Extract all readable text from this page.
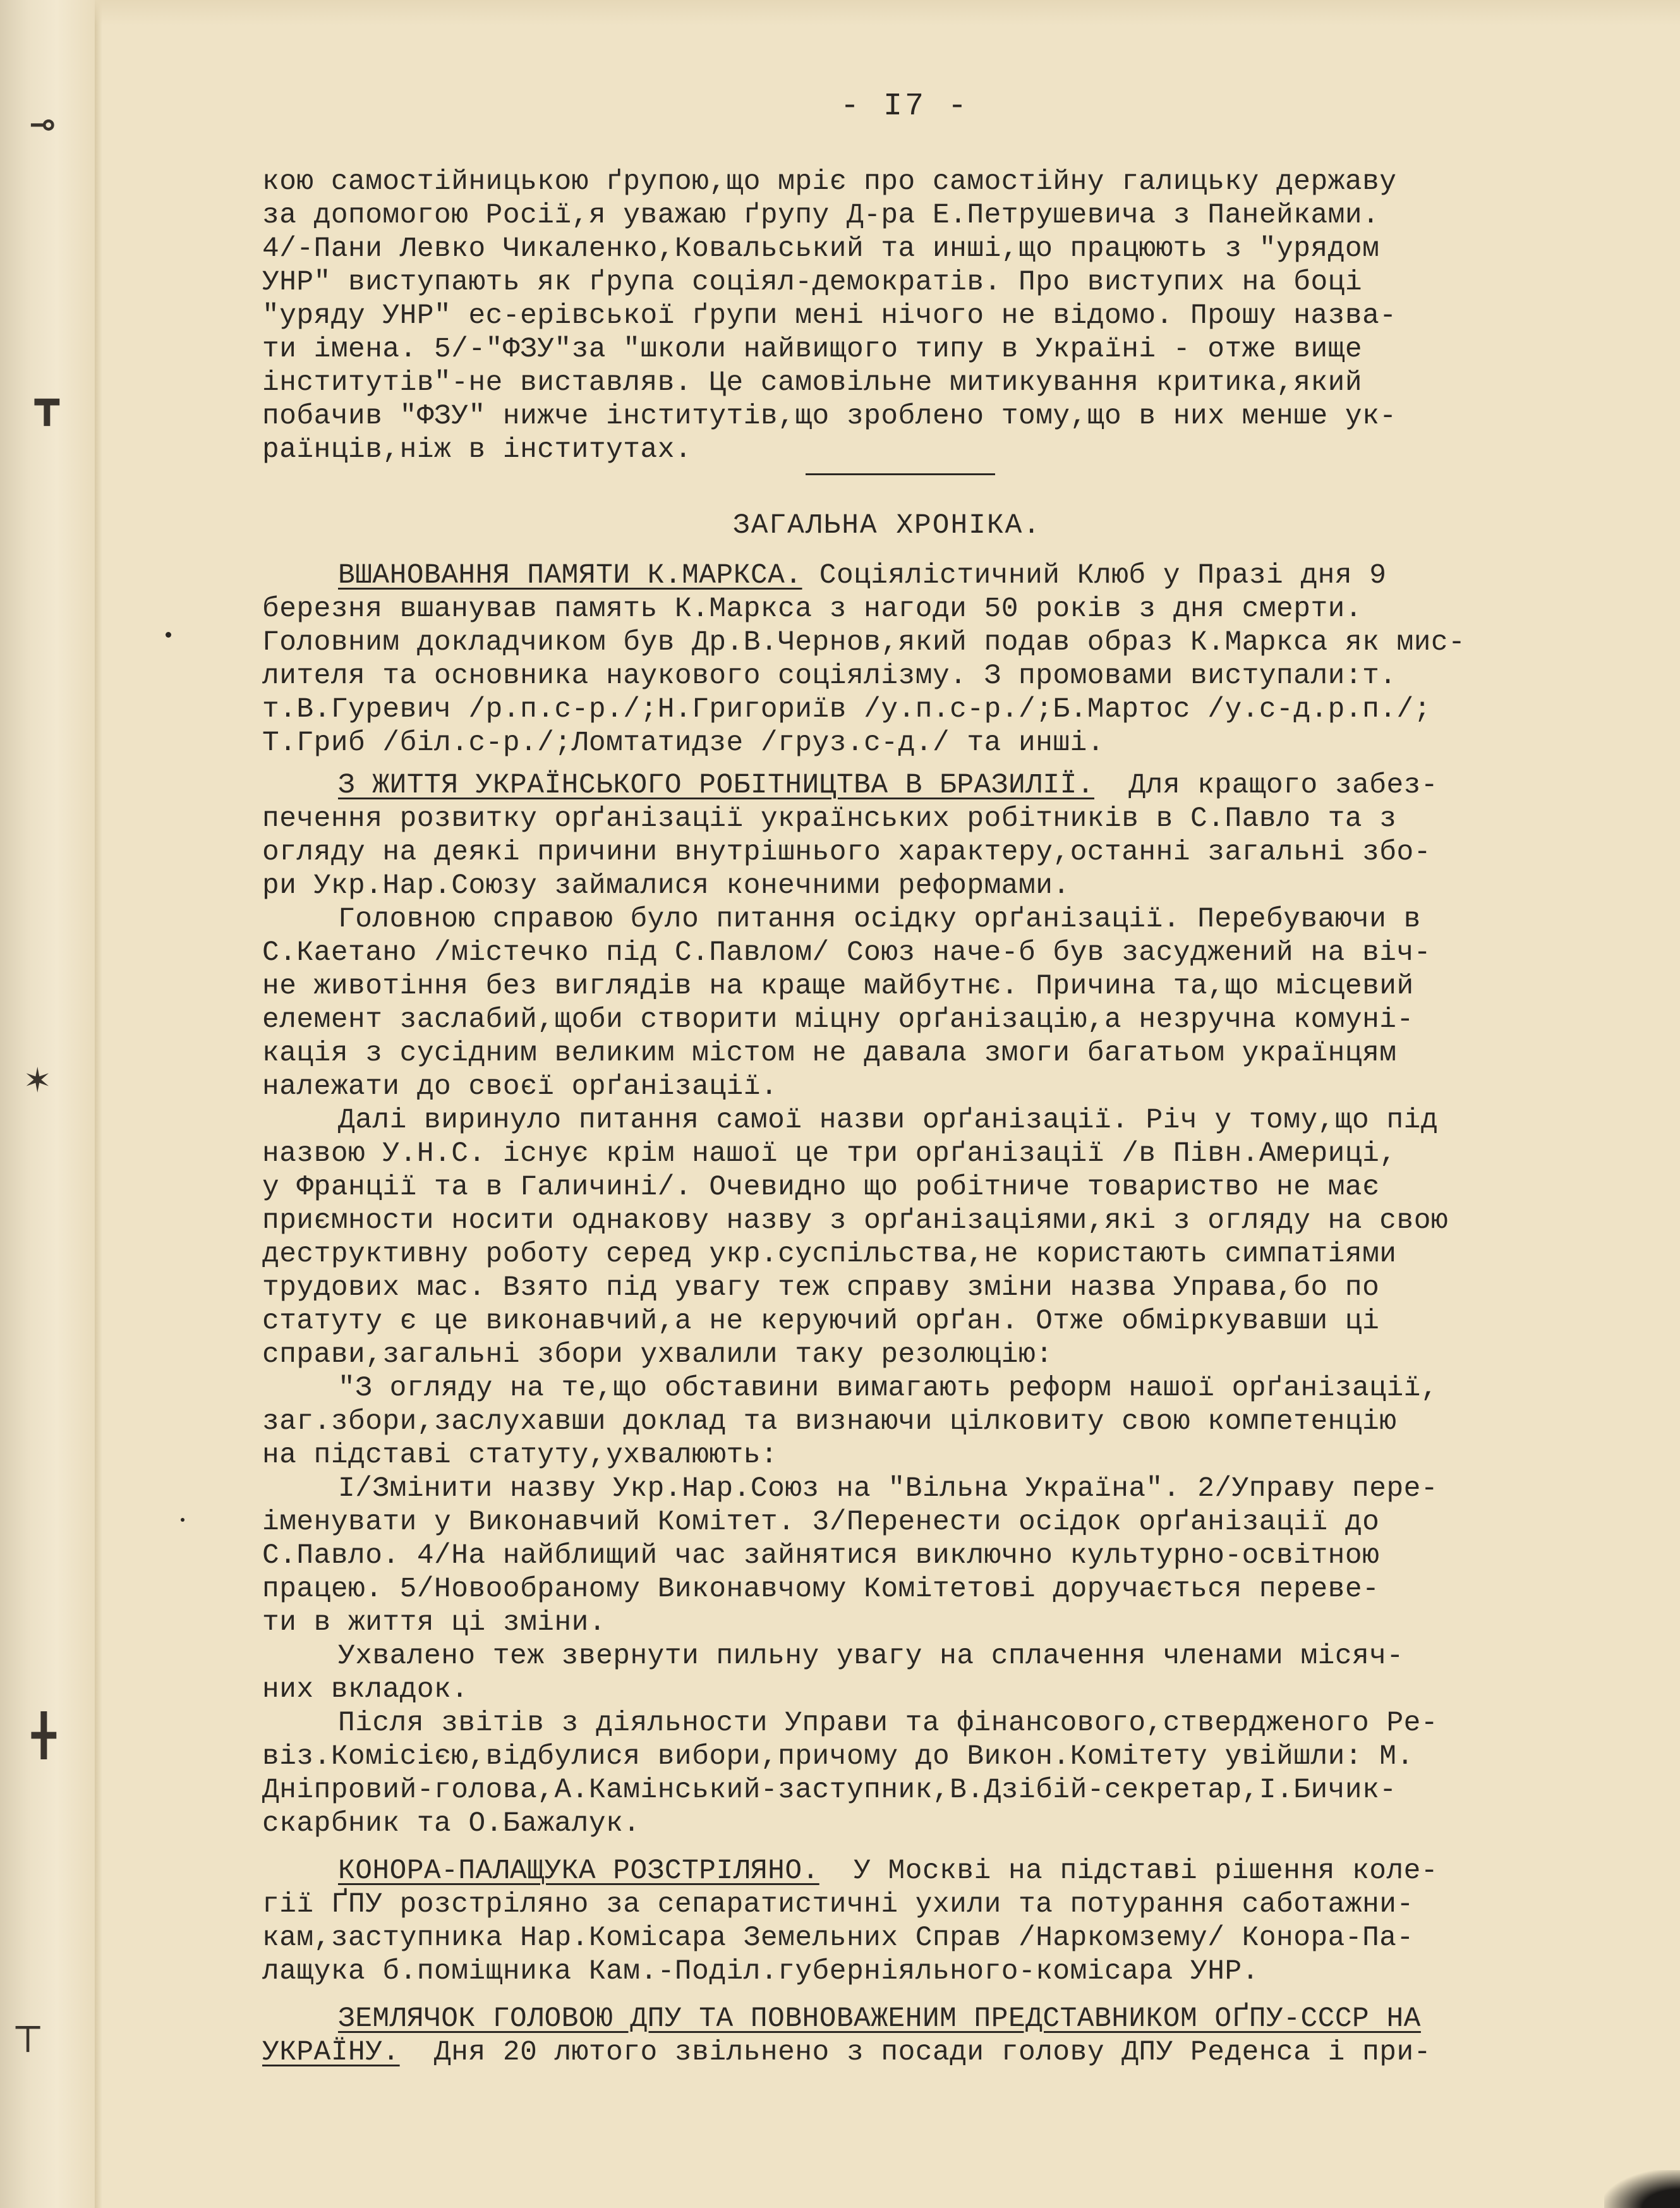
⊸
┳
✶
╋
┬
- I7 -
кою самостійницькою ґрупою,що мріє про самостійну галицьку державу
за допомогою Росії,я уважаю ґрупу Д-ра Е.Петрушевича з Панейками.
4/-Пани Левко Чикаленко,Ковальський та инші,що працюють з "урядом
УНР" виступають як ґрупа соціял-демократів. Про виступих на боці
"уряду УНР" ес-ерівської ґрупи мені нічого не відомо. Прошу назва-
ти імена. 5/-"ФЗУ"за "школи найвищого типу в Україні - отже вище
інститутів"-не виставляв. Це самовільне митикування критика,який
побачив "ФЗУ" нижче інститутів,що зроблено тому,що в них менше ук-
раїнців,ніж в інститутах.
ЗАГАЛЬНА ХРОНІКА.
ВШАНОВАННЯ ПАМЯТИ К.МАРКСА. Соціялістичний Клюб у Празі дня 9
березня вшанував память К.Маркса з нагоди 50 років з дня смерти.
Головним доклaдчиком був Др.В.Чернов,який подав образ К.Маркса як мис-
лителя та основника наукового соціялізму. З промовами виступали:т.
т.В.Гуревич /р.п.с-р./;Н.Григориїв /у.п.с-р./;Б.Мартос /у.с-д.р.п./;
Т.Гриб /біл.с-р./;Ломтатидзе /груз.с-д./ та инші.
З ЖИТТЯ УКРАЇНСЬКОГО РОБІТНИЦТВА В БРАЗИЛІЇ.  Для кращого забез-
печення розвитку орґанізації українських робітників в С.Павло та з
огляду на деякі причини внутрішнього характеру,останні загальні збо-
ри Укр.Нар.Союзу займалися конечними реформами.
Головною справою було питання осідку орґанізації. Перебуваючи в
С.Каетано /містечко під С.Павлом/ Союз наче-б був засуджений на віч-
не животіння без виглядів на краще майбутнє. Причина та,що місцевий
елемент заслабий,щоби створити міцну орґанізацію,а незручна комуні-
кація з сусідним великим містом не давала змоги багатьом українцям
належати до своєї орґанізації.
Далі виринуло питання самої назви орґанізації. Річ у тому,що під
назвою У.Н.С. існує крім нашої це три орґанізації /в Півн.Америці,
у Франції та в Галичині/. Очевидно що робітниче товариство не має
приємности носити однакову назву з орґанізаціями,які з огляду на свою
деструктивну роботу серед укр.суспільства,не користають симпатіями
трудових мас. Взято під увагу теж справу зміни назва Управа,бо по
статуту є це виконавчий,а не керуючий орґан. Отже обміркувавши ці
справи,загальні збори ухвалили таку резолюцію:
"З огляду на те,що обставини вимагають реформ нашої орґанізації,
заг.збори,заслухавши доклад та визнаючи цілковиту свою компетенцію
на підставі статуту,ухвалюють:
I/Змінити назву Укр.Нар.Союз на "Вільна Україна". 2/Управу пере-
іменувати у Виконавчий Комітет. 3/Перенести осідок орґанізації до
С.Павло. 4/На найблищий час зайнятися виключно культурно-освітною
працею. 5/Новообраному Виконавчому Комітетові доручається переве-
ти в життя ці зміни.
Ухвалено теж звернути пильну увагу на сплачення членами місяч-
них вкладок.
Після звітів з діяльности Управи та фінансового,ствердженого Ре-
віз.Комісією,відбулися вибори,причому до Викон.Комітету увійшли: М.
Дніпровий-голова,А.Камінський-заступник,В.Дзібій-секретар,І.Бичик-
скарбник та О.Бажалук.
КОНОРА-ПАЛАЩУКА РОЗСТРІЛЯНО.  У Москві на підставі рішення коле-
гії ҐПУ розстріляно за сепаратистичні ухили та потурання саботажни-
кам,заступника Нар.Комісара Земельних Справ /Наркомзему/ Конора-Па-
лащука б.поміщника Кам.-Поділ.губерніяльного-комісара УНР.
ЗЕМЛЯЧОК ГОЛОВОЮ ДПУ ТА ПОВНОВАЖЕНИМ ПРЕДСТАВНИКОМ ОҐПУ-СССР НА
УКРАЇНУ.  Дня 20 лютого звільнено з посади голову ДПУ Реденса і при-
